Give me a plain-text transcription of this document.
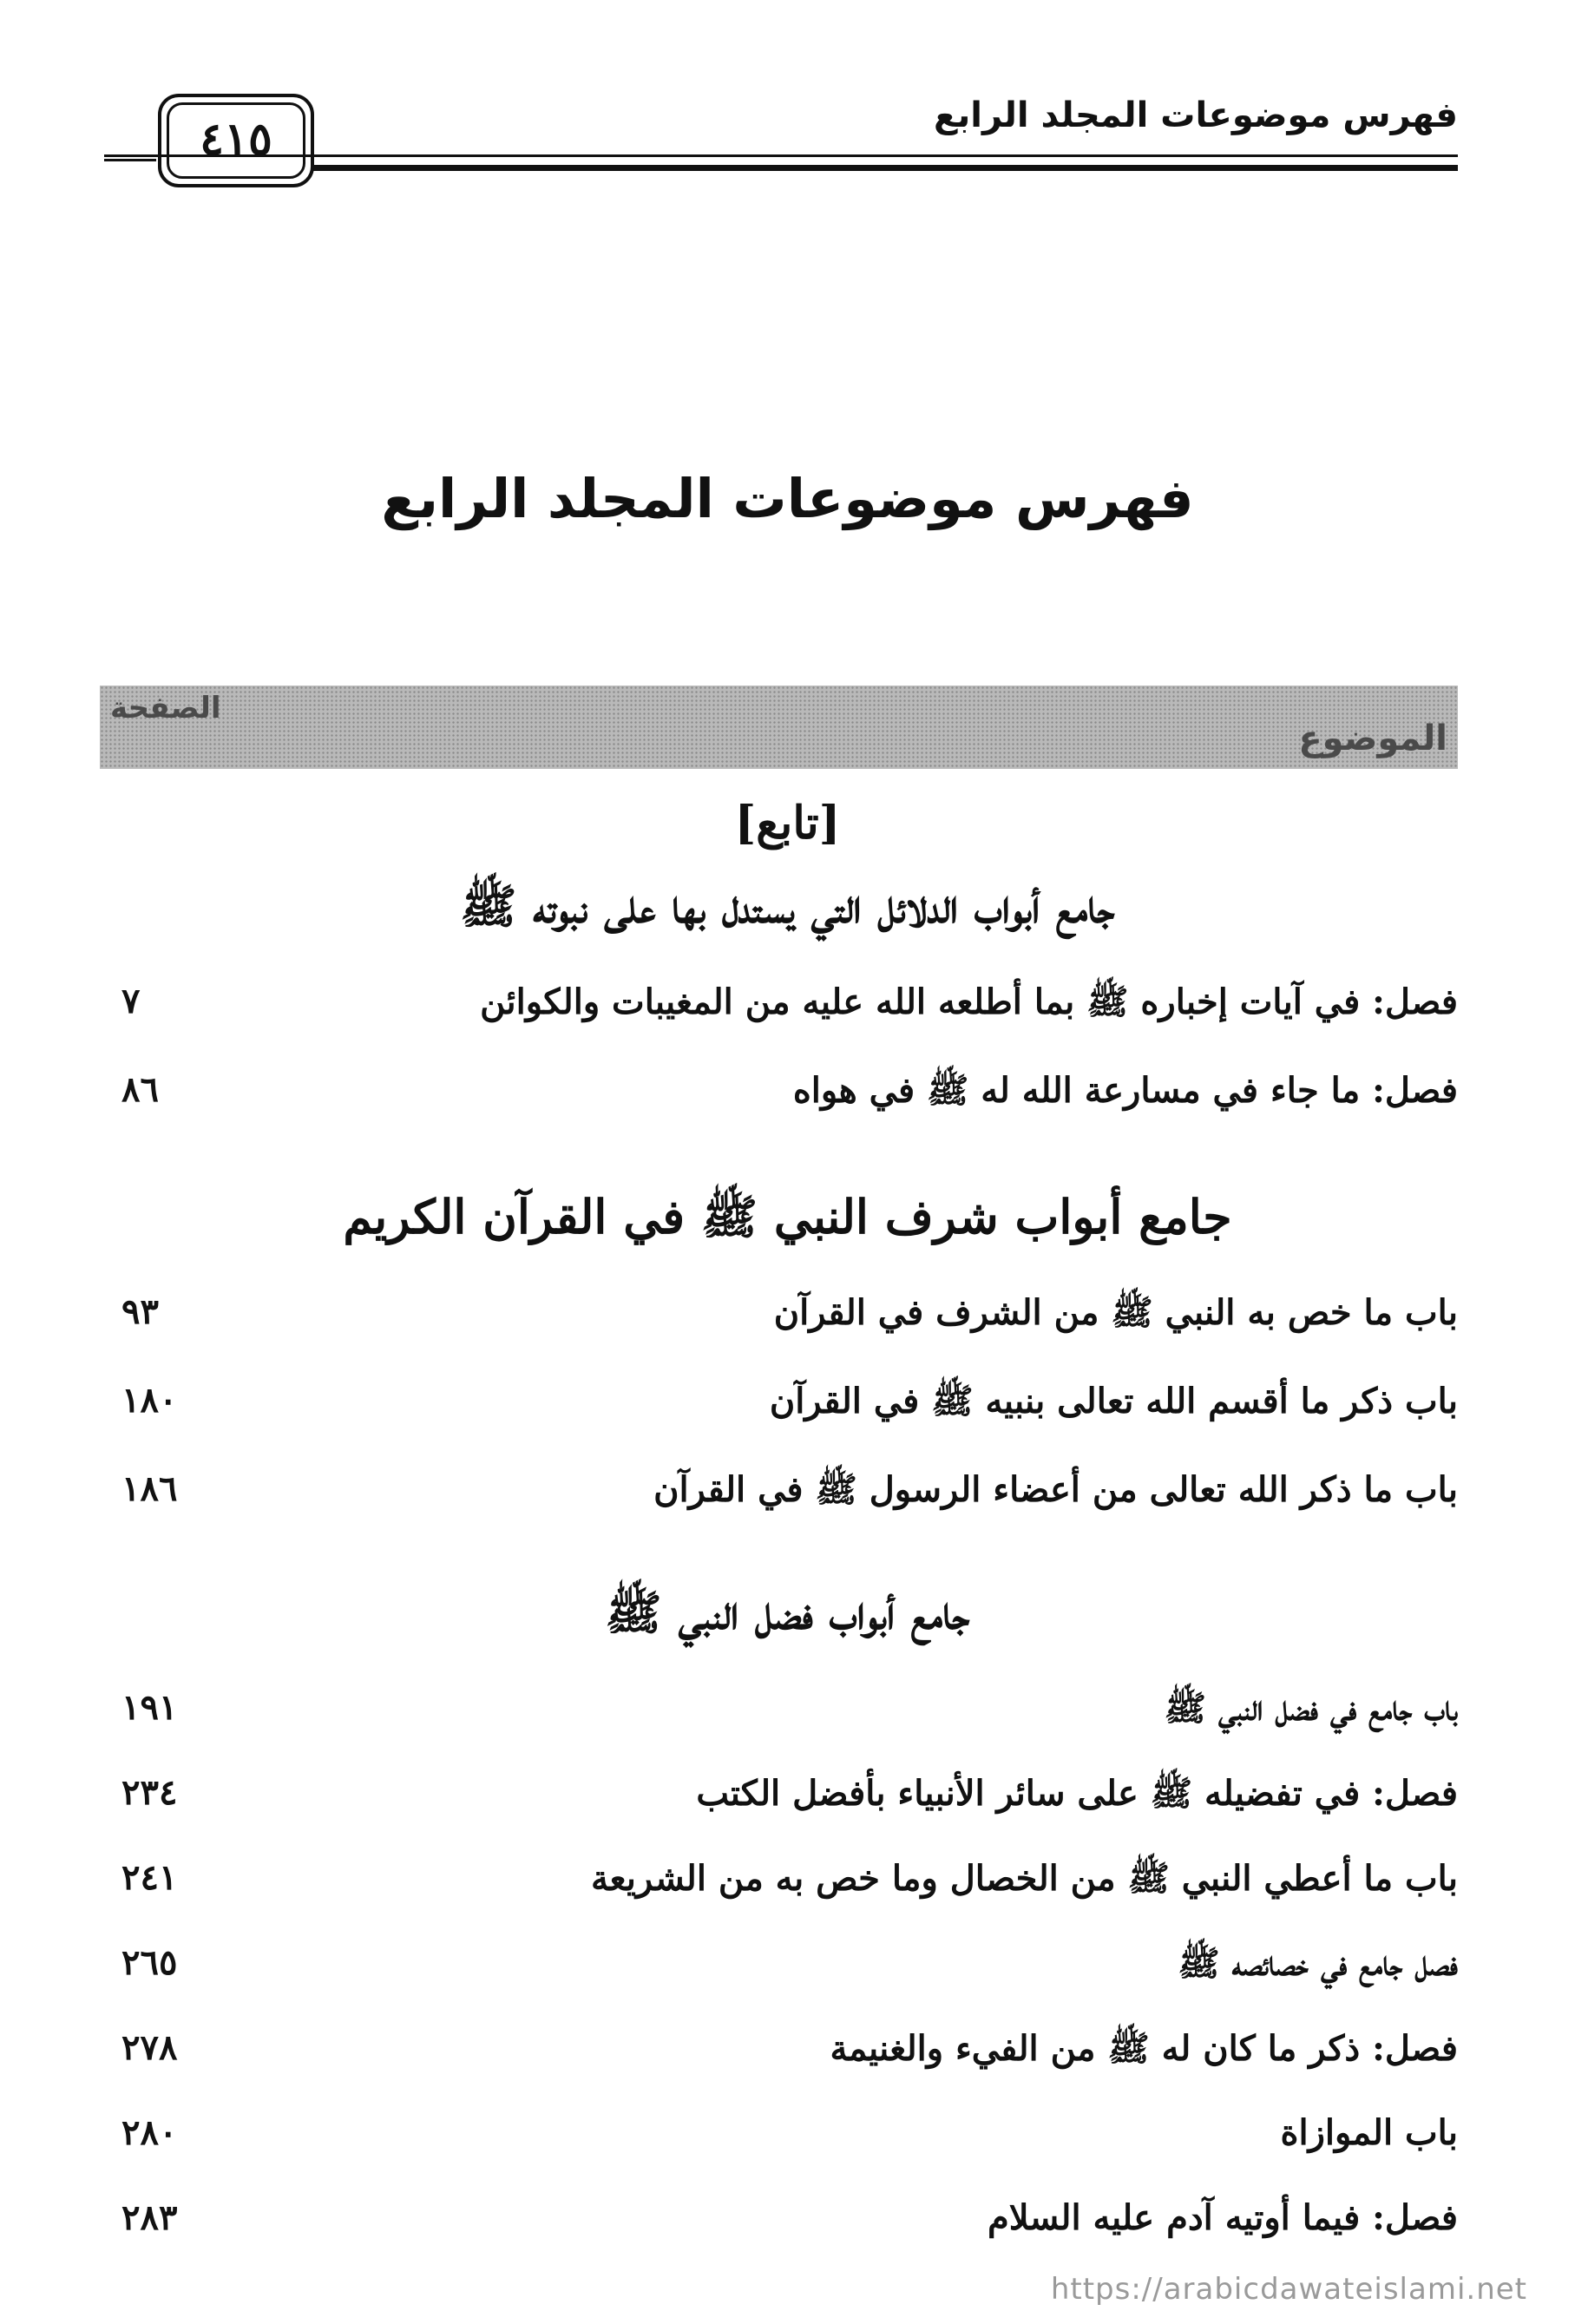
فهرس موضوعات المجلد الرابع
٤١٥
فهرس موضوعات المجلد الرابع
الموضوع
الصفحة
[تابع]
جامع أبواب الدلائل التي يستدل بها على نبوته ﷺ
فصل: في آيات إخباره ﷺ بما أطلعه الله عليه من المغيبات والكوائن
٧
فصل: ما جاء في مسارعة الله له ﷺ في هواه
٨٦
جامع أبواب شرف النبي ﷺ في القرآن الكريم
باب ما خص به النبي ﷺ من الشرف في القرآن
٩٣
باب ذكر ما أقسم الله تعالى بنبيه ﷺ في القرآن
١٨٠
باب ما ذكر الله تعالى من أعضاء الرسول ﷺ في القرآن
١٨٦
جامع أبواب فضل النبي ﷺ
باب جامع في فضل النبي ﷺ
١٩١
فصل: في تفضيله ﷺ على سائر الأنبياء بأفضل الكتب
٢٣٤
باب ما أعطي النبي ﷺ من الخصال وما خص به من الشريعة
٢٤١
فصل جامع في خصائصه ﷺ
٢٦٥
فصل: ذكر ما كان له ﷺ من الفيء والغنيمة
٢٧٨
باب الموازاة
٢٨٠
فصل: فيما أوتيه آدم عليه السلام
٢٨٣
https://arabicdawateislami.net
